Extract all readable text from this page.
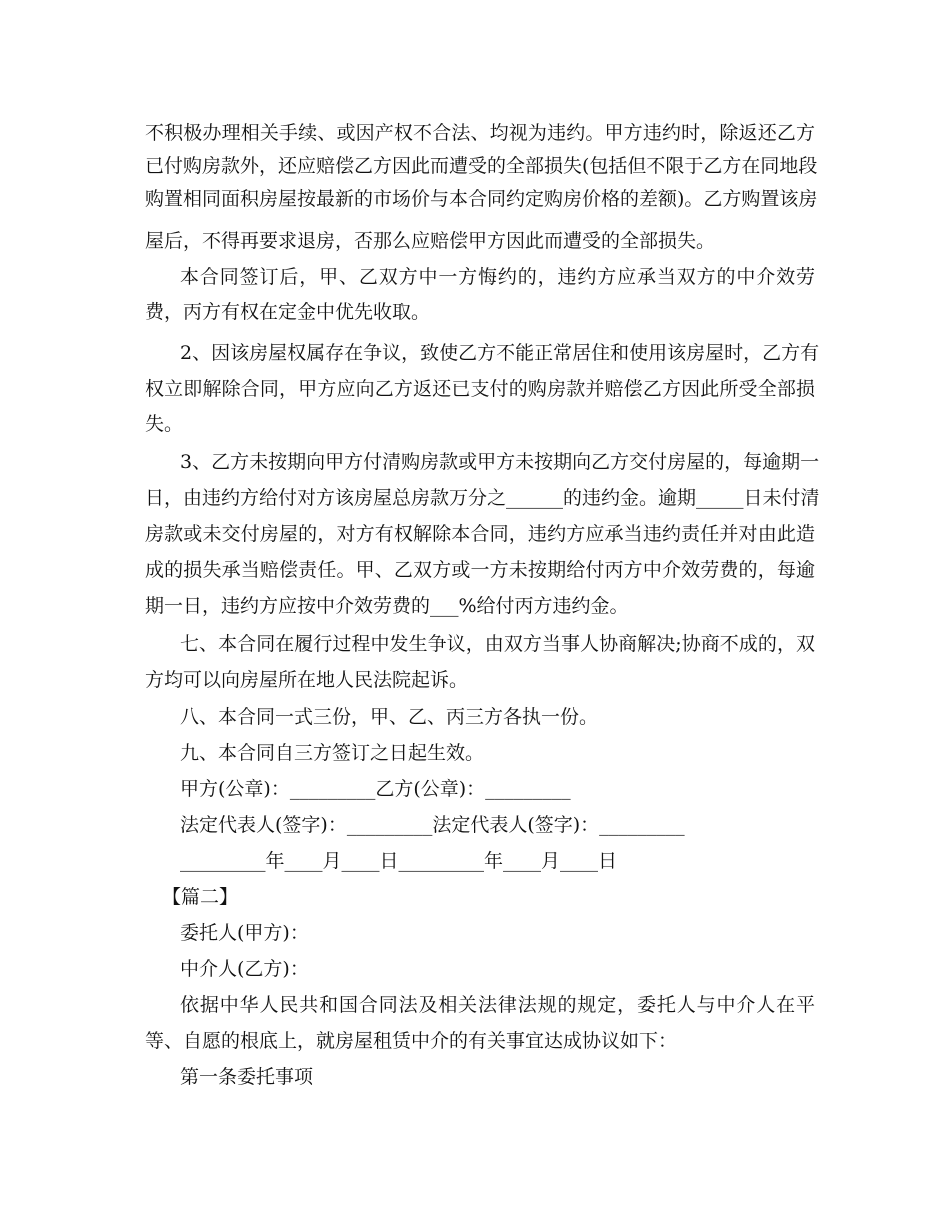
不积极办理相关手续、或因产权不合法、均视为违约。甲方违约时，除返还乙方
已付购房款外，还应赔偿乙方因此而遭受的全部损失(包括但不限于乙方在同地段
购置相同面积房屋按最新的市场价与本合同约定购房价格的差额)。乙方购置该房
屋后，不得再要求退房，否那么应赔偿甲方因此而遭受的全部损失。
本合同签订后，甲、乙双方中一方悔约的，违约方应承当双方的中介效劳
费，丙方有权在定金中优先收取。
2、因该房屋权属存在争议，致使乙方不能正常居住和使用该房屋时，乙方有
权立即解除合同，甲方应向乙方返还已支付的购房款并赔偿乙方因此所受全部损
失。
3、乙方未按期向甲方付清购房款或甲方未按期向乙方交付房屋的，每逾期一
日，由违约方给付对方该房屋总房款万分之______的违约金。逾期_____日未付清
房款或未交付房屋的，对方有权解除本合同，违约方应承当违约责任并对由此造
成的损失承当赔偿责任。甲、乙双方或一方未按期给付丙方中介效劳费的，每逾
期一日，违约方应按中介效劳费的___%给付丙方违约金。
七、本合同在履行过程中发生争议，由双方当事人协商解决;协商不成的，双
方均可以向房屋所在地人民法院起诉。
八、本合同一式三份，甲、乙、丙三方各执一份。
九、本合同自三方签订之日起生效。
甲方(公章)：_________乙方(公章)：_________
法定代表人(签字)：_________法定代表人(签字)：_________
_________年____月____日_________年____月____日
【篇二】
委托人(甲方)：
中介人(乙方)：
依据中华人民共和国合同法及相关法律法规的规定，委托人与中介人在平
等、自愿的根底上，就房屋租赁中介的有关事宜达成协议如下：
第一条委托事项
